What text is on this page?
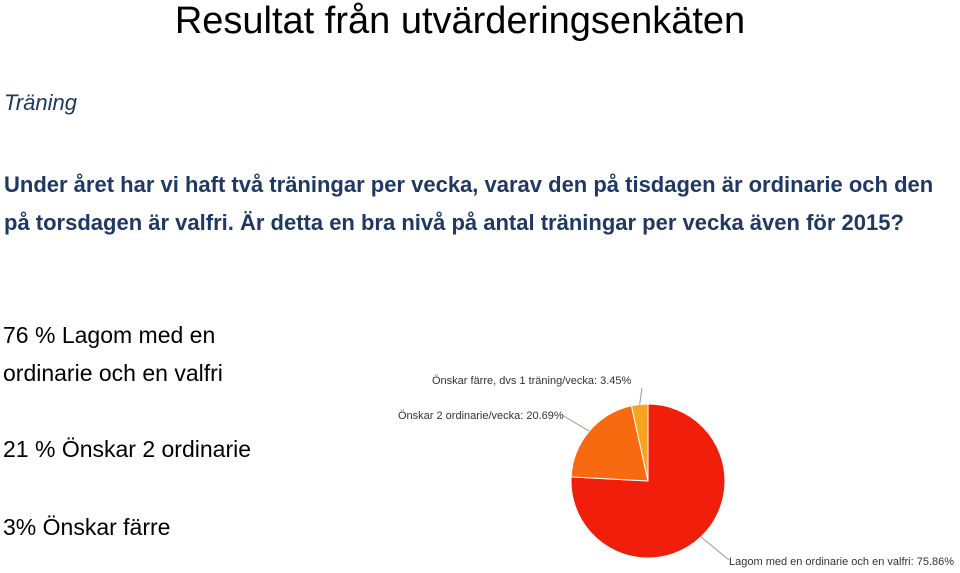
Resultat från utvärderingsenkäten
Träning
Under året har vi haft två träningar per vecka, varav den på tisdagen är ordinarie och den på torsdagen är valfri. Är detta en bra nivå på antal träningar per vecka även för 2015?
76 % Lagom med en ordinarie och en valfri
21 % Önskar 2 ordinarie
3% Önskar färre
Lagom med en ordinarie och en valfri: 75.86%
Önskar 2 ordinarie/vecka: 20.69%
Önskar färre, dvs 1 träning/vecka: 3.45%
